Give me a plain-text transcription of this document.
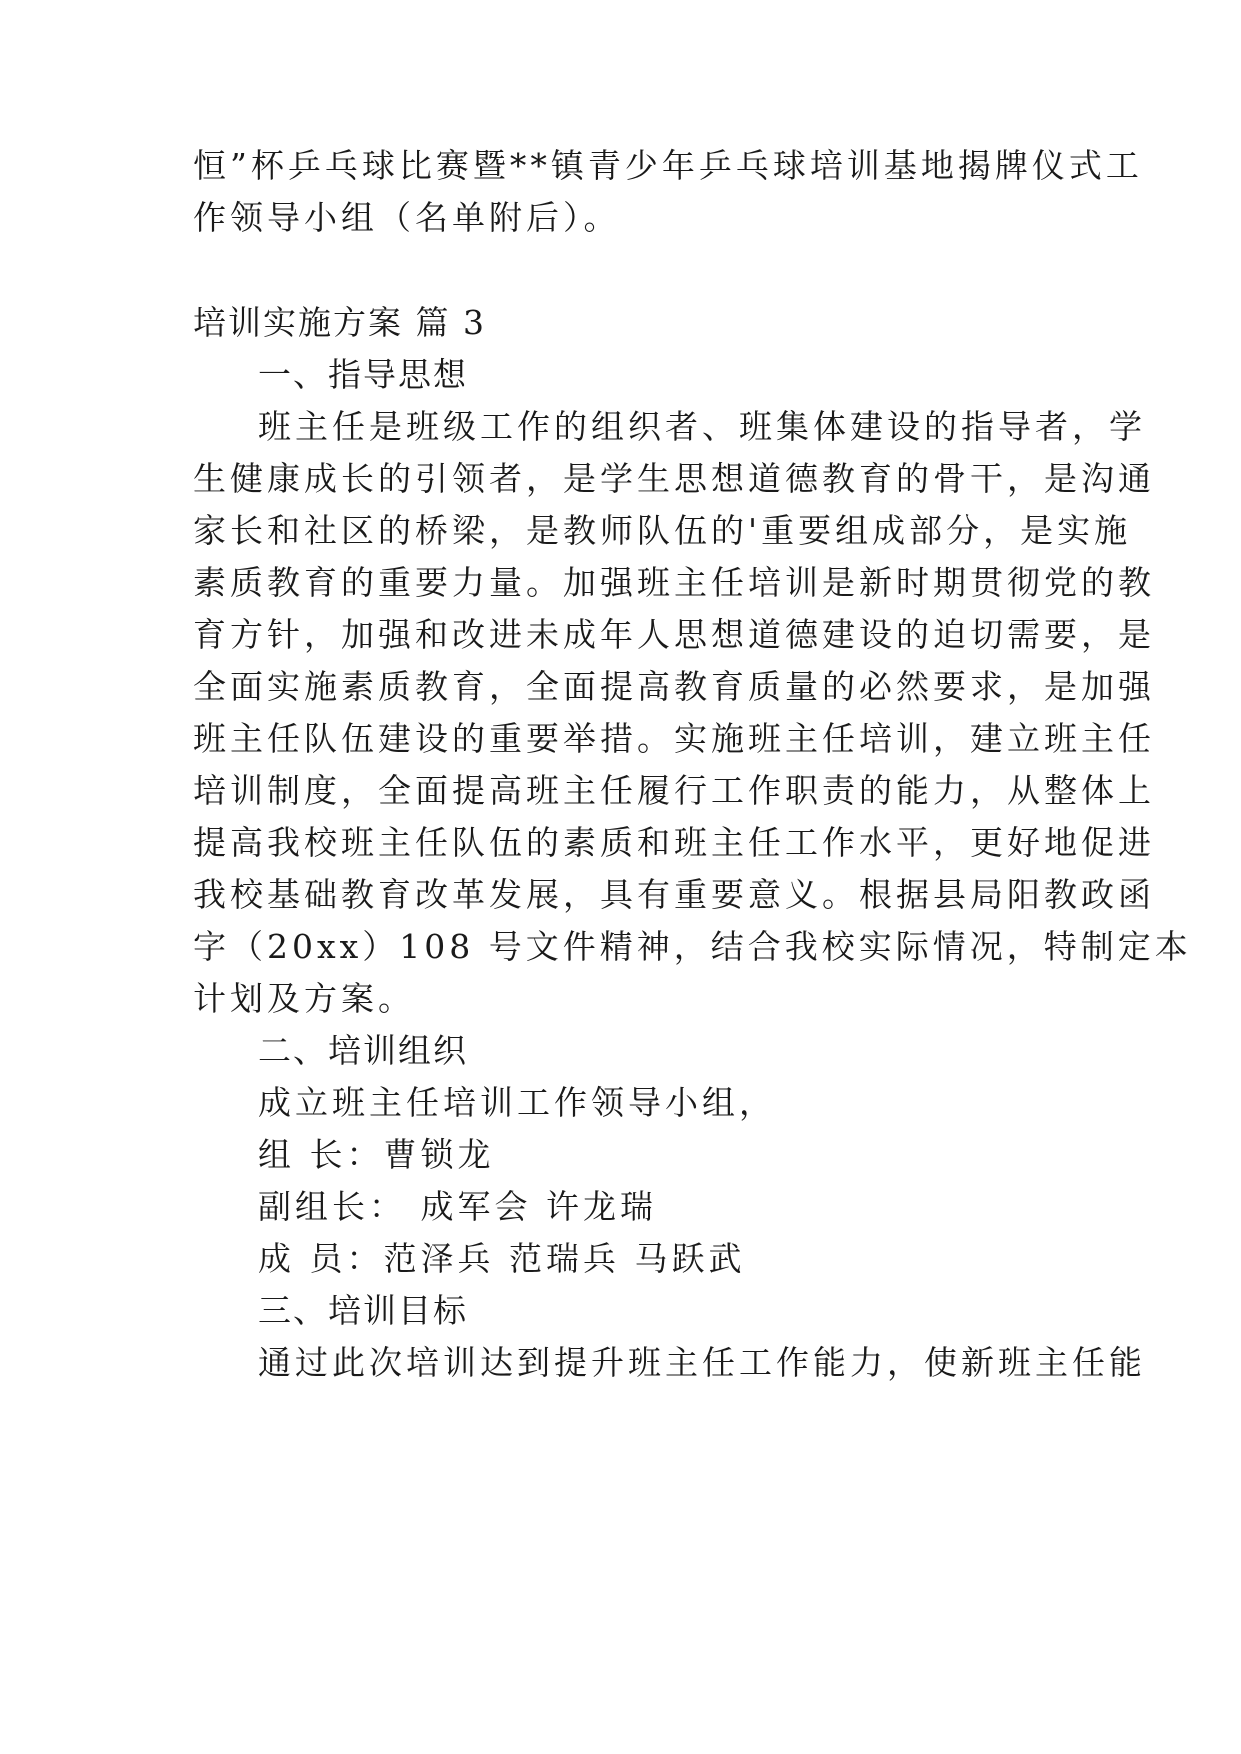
恒”杯乒乓球比赛暨**镇青少年乒乓球培训基地揭牌仪式工
作领导小组（名单附后）。
培训实施方案 篇 3
一、指导思想
班主任是班级工作的组织者、班集体建设的指导者，学
生健康成长的引领者，是学生思想道德教育的骨干，是沟通
家长和社区的桥梁，是教师队伍的'重要组成部分，是实施
素质教育的重要力量。加强班主任培训是新时期贯彻党的教
育方针，加强和改进未成年人思想道德建设的迫切需要，是
全面实施素质教育，全面提高教育质量的必然要求，是加强
班主任队伍建设的重要举措。实施班主任培训，建立班主任
培训制度，全面提高班主任履行工作职责的能力，从整体上
提高我校班主任队伍的素质和班主任工作水平，更好地促进
我校基础教育改革发展，具有重要意义。根据县局阳教政函
字（20xx）108 号文件精神，结合我校实际情况，特制定本
计划及方案。
二、培训组织
成立班主任培训工作领导小组，
组 长：曹锁龙
副组长： 成军会 许龙瑞
成 员：范泽兵 范瑞兵 马跃武
三、培训目标
通过此次培训达到提升班主任工作能力，使新班主任能
